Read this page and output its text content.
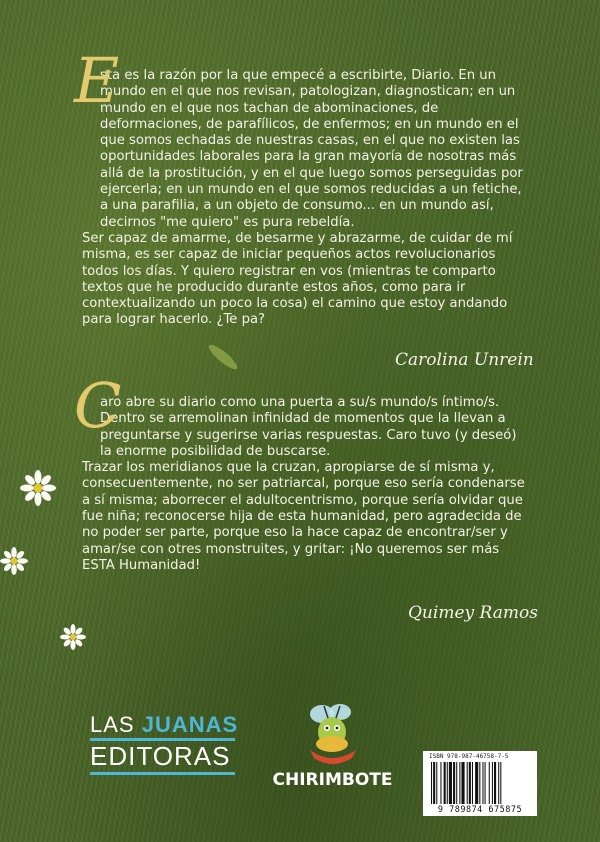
E

sta es la razón por la que empecé a escribirte, Diario. En un

mundo en el que nos revisan, patologizan, diagnostican; en un mundo en el que nos tachan de abominaciones, de deformaciones, de parafílicos, de enfermos; en un mundo en el que somos echadas de nuestras casas, en el que no existen las oportunidades laborales para la gran mayoría de nosotras más allá de la prostitución, y en el que luego somos perseguidas por ejercerla; en un mundo en el que somos reducidas a un fetiche, a una parafilia, a un objeto de consumo... en un mundo así, decirnos "me quiero" es pura rebeldía.

Ser capaz de amarme, de besarme y abrazarme, de cuidar de mí misma, es ser capaz de iniciar pequeños actos revolucionarios todos los días. Y quiero registrar en vos (mientras te comparto textos que he producido durante estos años, como para ir contextualizando un poco la cosa) el camino que estoy andando para lograr hacerlo. ¿Te pa?

Carolina Unrein
C

aro abre su diario como una puerta a su/s mundo/s íntimo/s.

Dentro se arremolinan infinidad de momentos que la llevan a preguntarse y sugerirse varias respuestas. Caro tuvo (y deseó) la enorme posibilidad de buscarse.

Trazar los meridianos que la cruzan, apropiarse de sí misma y, consecuentemente, no ser patriarcal, porque eso sería condenarse a sí misma; aborrecer el adultocentrismo, porque sería olvidar que fue niña; reconocerse hija de esta humanidad, pero agradecida de no poder ser parte, porque eso la hace capaz de encontrar/ser y amar/se con otres monstruites, y gritar: ¡No queremos ser más ESTA Humanidad!

Quimey Ramos
LAS JUANAS
EDITORAS
CHIRIMBOTE
ISBN 978-987-46758-7-5
9 789874 675875
